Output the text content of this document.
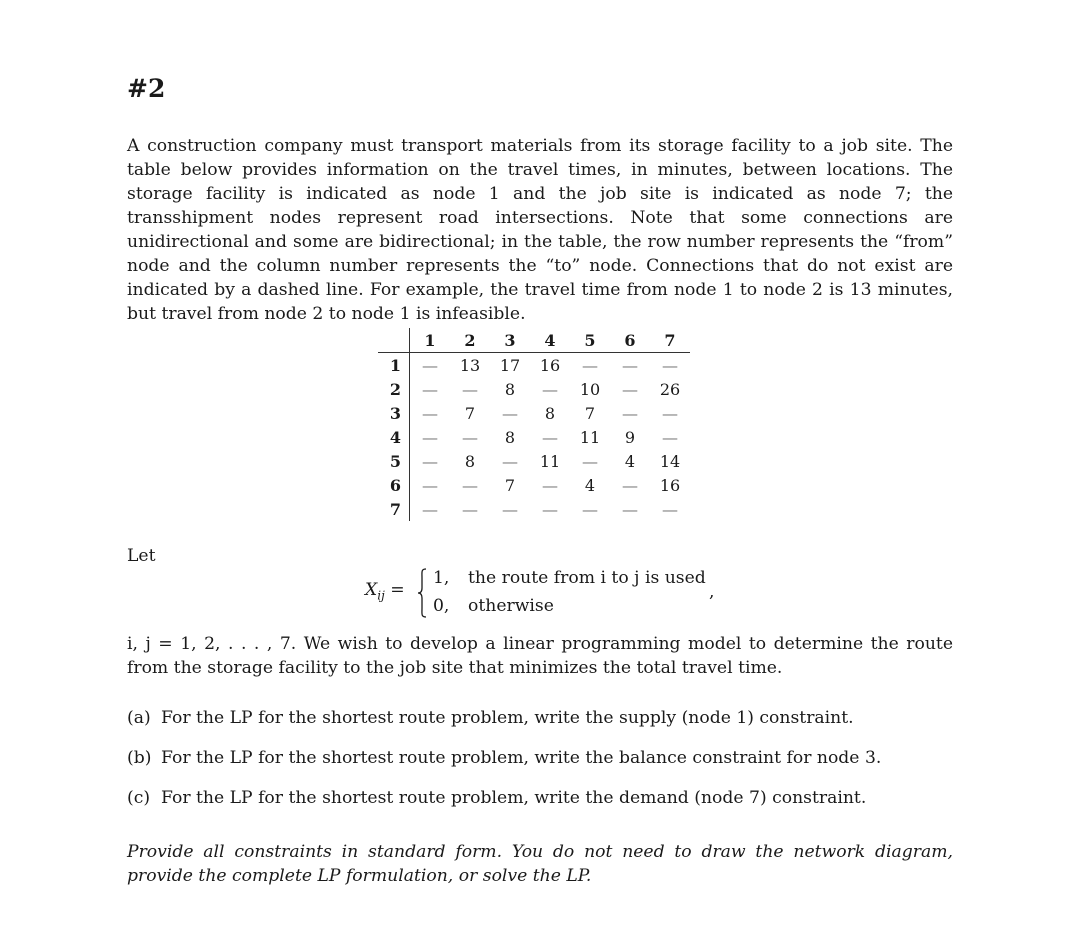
#2

A construction company must transport materials from its storage facility to a job site. The table below provides information on the travel times, in minutes, between locations. The storage facility is indicated as node 1 and the job site is indicated as node 7; the transshipment nodes represent road intersections. Note that some connections are unidirectional and some are bidirectional; in the table, the row number represents the “from” node and the column number represents the “to” node. Connections that do not exist are indicated by a dashed line. For example, the travel time from node 1 to node 2 is 13 minutes, but travel from node 2 to node 1 is infeasible.

	1	2	3	4	5	6	7
1	—	13	17	16	—	—	—
2	—	—	8	—	10	—	26
3	—	7	—	8	7	—	—
4	—	—	8	—	11	9	—
5	—	8	—	11	—	4	14
6	—	—	7	—	4	—	16
7	—	—	—	—	—	—	—
Let
$X_{ij}$ =
1, the route from i to j is used
0, otherwise
,

i, j = 1, 2, . . . , 7. We wish to develop a linear programming model to determine the route from the storage facility to the job site that minimizes the total travel time.

(a) For the LP for the shortest route problem, write the supply (node 1) constraint.
(b) For the LP for the shortest route problem, write the balance constraint for node 3.
(c) For the LP for the shortest route problem, write the demand (node 7) constraint.

Provide all constraints in standard form. You do not need to draw the network diagram, provide the complete LP formulation, or solve the LP.
